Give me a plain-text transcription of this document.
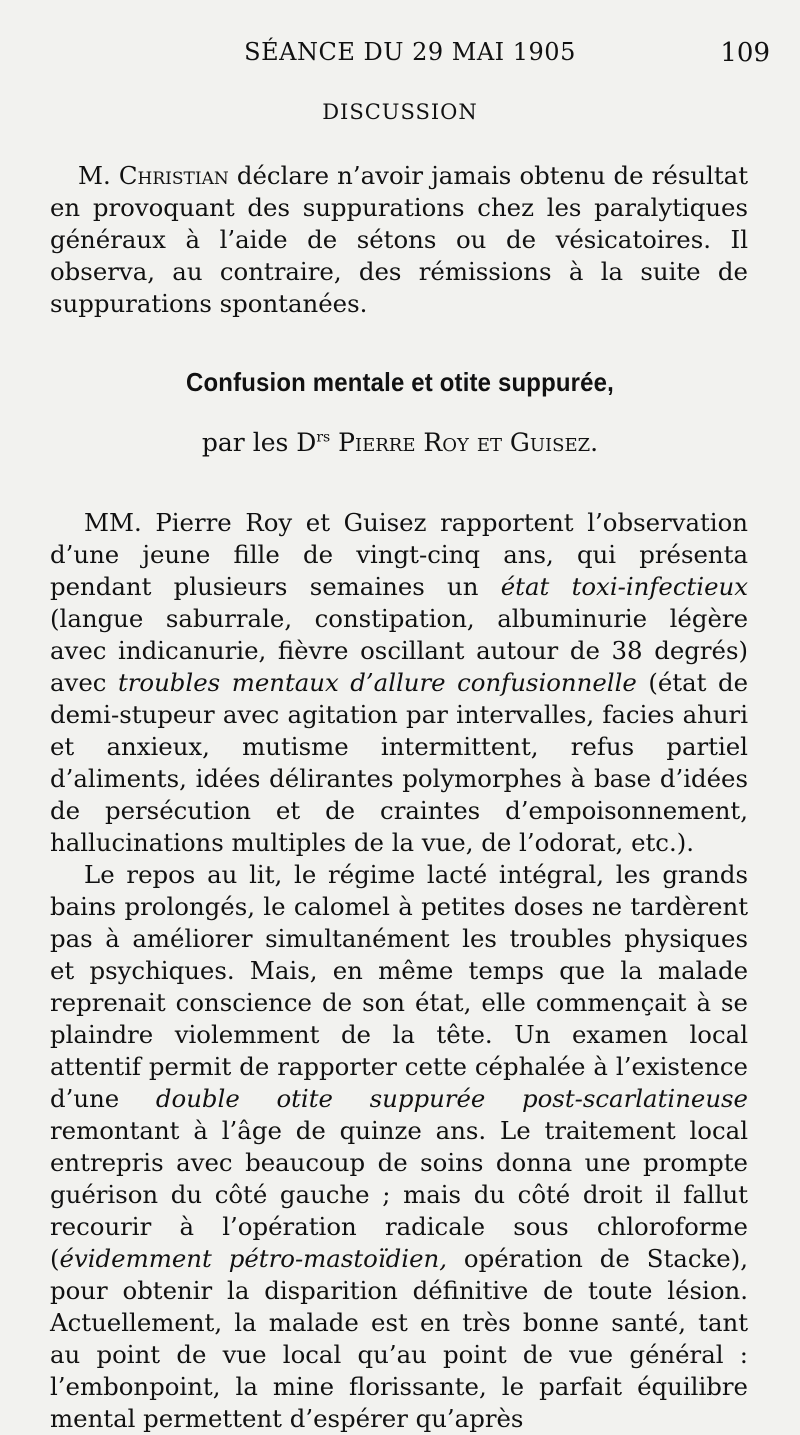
SÉANCE DU 29 MAI 1905	109
DISCUSSION

M. Christian déclare n’avoir jamais obtenu de résultat en provoquant des suppurations chez les paralytiques généraux à l’aide de sétons ou de vésicatoires. Il observa, au contraire, des rémissions à la suite de suppurations spontanées.

Confusion mentale et otite suppurée,
par les $D^{rs}$ Pierre Roy et Guisez.

MM. Pierre Roy et Guisez rapportent l’observation d’une jeune fille de vingt-cinq ans, qui présenta pendant plusieurs semaines un état toxi-infectieux (langue saburrale, constipation, albuminurie légère avec indicanurie, fièvre oscillant autour de 38 degrés) avec troubles mentaux d’allure confusionnelle (état de demi-stupeur avec agitation par intervalles, facies ahuri et anxieux, mutisme intermittent, refus partiel d’aliments, idées délirantes polymorphes à base d’idées de persécution et de craintes d’empoisonnement, hallucinations multiples de la vue, de l’odorat, etc.).

Le repos au lit, le régime lacté intégral, les grands bains prolongés, le calomel à petites doses ne tardèrent pas à améliorer simultanément les troubles physiques et psychiques. Mais, en même temps que la malade reprenait conscience de son état, elle commençait à se plaindre violemment de la tête. Un examen local attentif permit de rapporter cette céphalée à l’existence d’une double otite suppurée post-scarlatineuse remontant à l’âge de quinze ans. Le traitement local entrepris avec beaucoup de soins donna une prompte guérison du côté gauche ; mais du côté droit il fallut recourir à l’opération radicale sous chloroforme (évidemment pétro-mastoïdien, opération de Stacke), pour obtenir la disparition définitive de toute lésion. Actuellement, la malade est en très bonne santé, tant au point de vue local qu’au point de vue général : l’embonpoint, la mine florissante, le parfait équilibre mental permettent d’espérer qu’après
